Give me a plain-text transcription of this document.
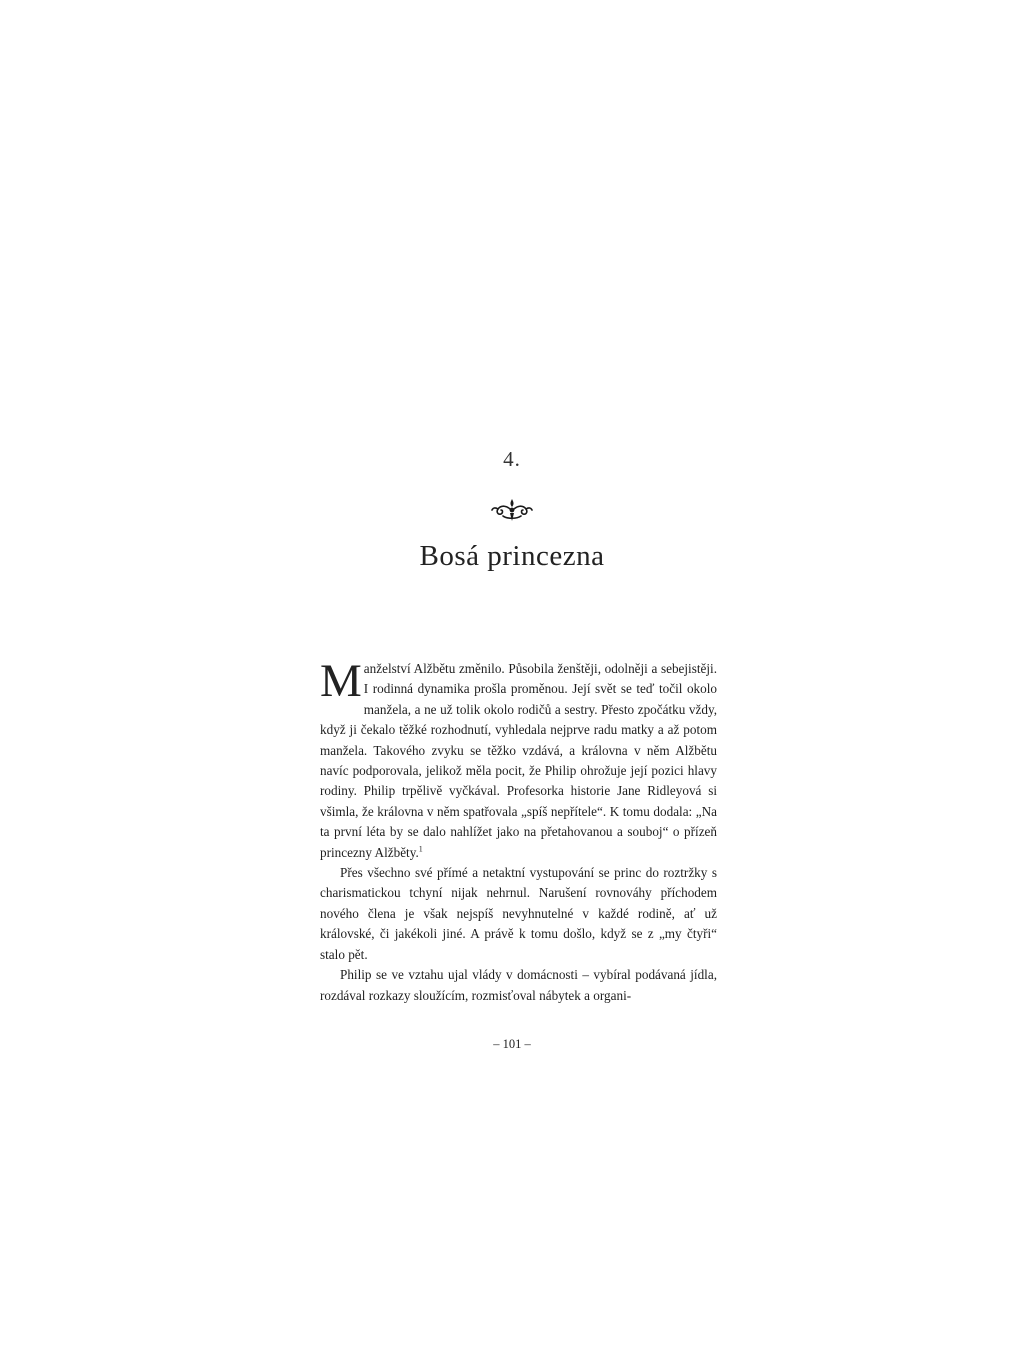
4.
Bosá princezna

Manželství Alžbětu změnilo. Působila ženštěji, odolněji a sebejistěji. I rodinná dynamika prošla proměnou. Její svět se teď točil okolo manžela, a ne už tolik okolo rodičů a sestry. Přesto zpočátku vždy, když ji čekalo těžké rozhodnutí, vyhledala nejprve radu matky a až potom manžela. Takového zvyku se těžko vzdává, a královna v něm Alžbětu navíc podporovala, jelikož měla pocit, že Philip ohrožuje její pozici hlavy rodiny. Philip trpělivě vyčkával. Profesorka historie Jane Ridleyová si všimla, že královna v něm spatřovala „spíš nepřítele“. K tomu dodala: „Na ta první léta by se dalo nahlížet jako na přetahovanou a souboj“ o přízeň princezny Alžběty.$^1$

Přes všechno své přímé a netaktní vystupování se princ do roztržky s charismatickou tchyní nijak nehrnul. Narušení rovnováhy příchodem nového člena je však nejspíš nevyhnutelné v každé rodině, ať už královské, či jakékoli jiné. A právě k tomu došlo, když se z „my čtyři“ stalo pět.

Philip se ve vztahu ujal vlády v domácnosti – vybíral podávaná jídla, rozdával rozkazy sloužícím, rozmisťoval nábytek a organi-

– 101 –
